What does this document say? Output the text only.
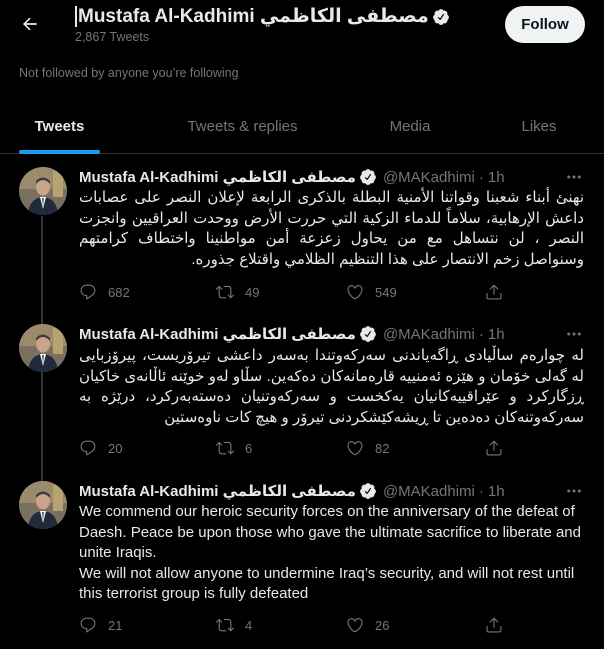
Mustafa Al-Kadhimi مصطفى الكاظمي
2,867 Tweets
Follow
Not followed by anyone you’re following
Tweets	Tweets & replies	Media	Likes
Mustafa Al-Kadhimi مصطفى الكاظمي @MAKadhimi · 1h
نهنئ أبناء شعبنا وقواتنا الأمنية البطلة بالذكرى الرابعة لإعلان النصر على عصابات داعش الإرهابية، سلاماً للدماء الزكية التي حررت الأرض ووحدت العراقيين وانجزت النصر ، لن نتساهل مع من يحاول زعزعة أمن مواطنينا واختطاف كرامتهم وسنواصل زخم الانتصار على هذا التنظيم الظلامي واقتلاع جذوره.
682	49	549
Mustafa Al-Kadhimi مصطفى الكاظمي @MAKadhimi · 1h
لە چوارەم ساڵیادی ڕاگەیاندنی سەرکەوتندا بەسەر داعشی تیرۆریست، پیرۆزبایی لە گەلی خۆمان و هێزە ئەمنییە قارەمانەکان دەکەین. سڵاو لەو خوێنە ئاڵانەی خاکیان ڕزگارکرد و عێراقییەکانیان یەکخست و سەرکەوتنیان دەستەبەرکرد، درێژە بە سەرکەوتنەکان دەدەین تا ڕیشەکێشکردنی تیرۆر و هیچ کات ناوەستین
20	6	82
Mustafa Al-Kadhimi مصطفى الكاظمي @MAKadhimi · 1h
We commend our heroic security forces on the anniversary of the defeat of Daesh. Peace be upon those who gave the ultimate sacrifice to liberate and unite Iraqis.
We will not allow anyone to undermine Iraq’s security, and will not rest until this terrorist group is fully defeated
21	4	26
